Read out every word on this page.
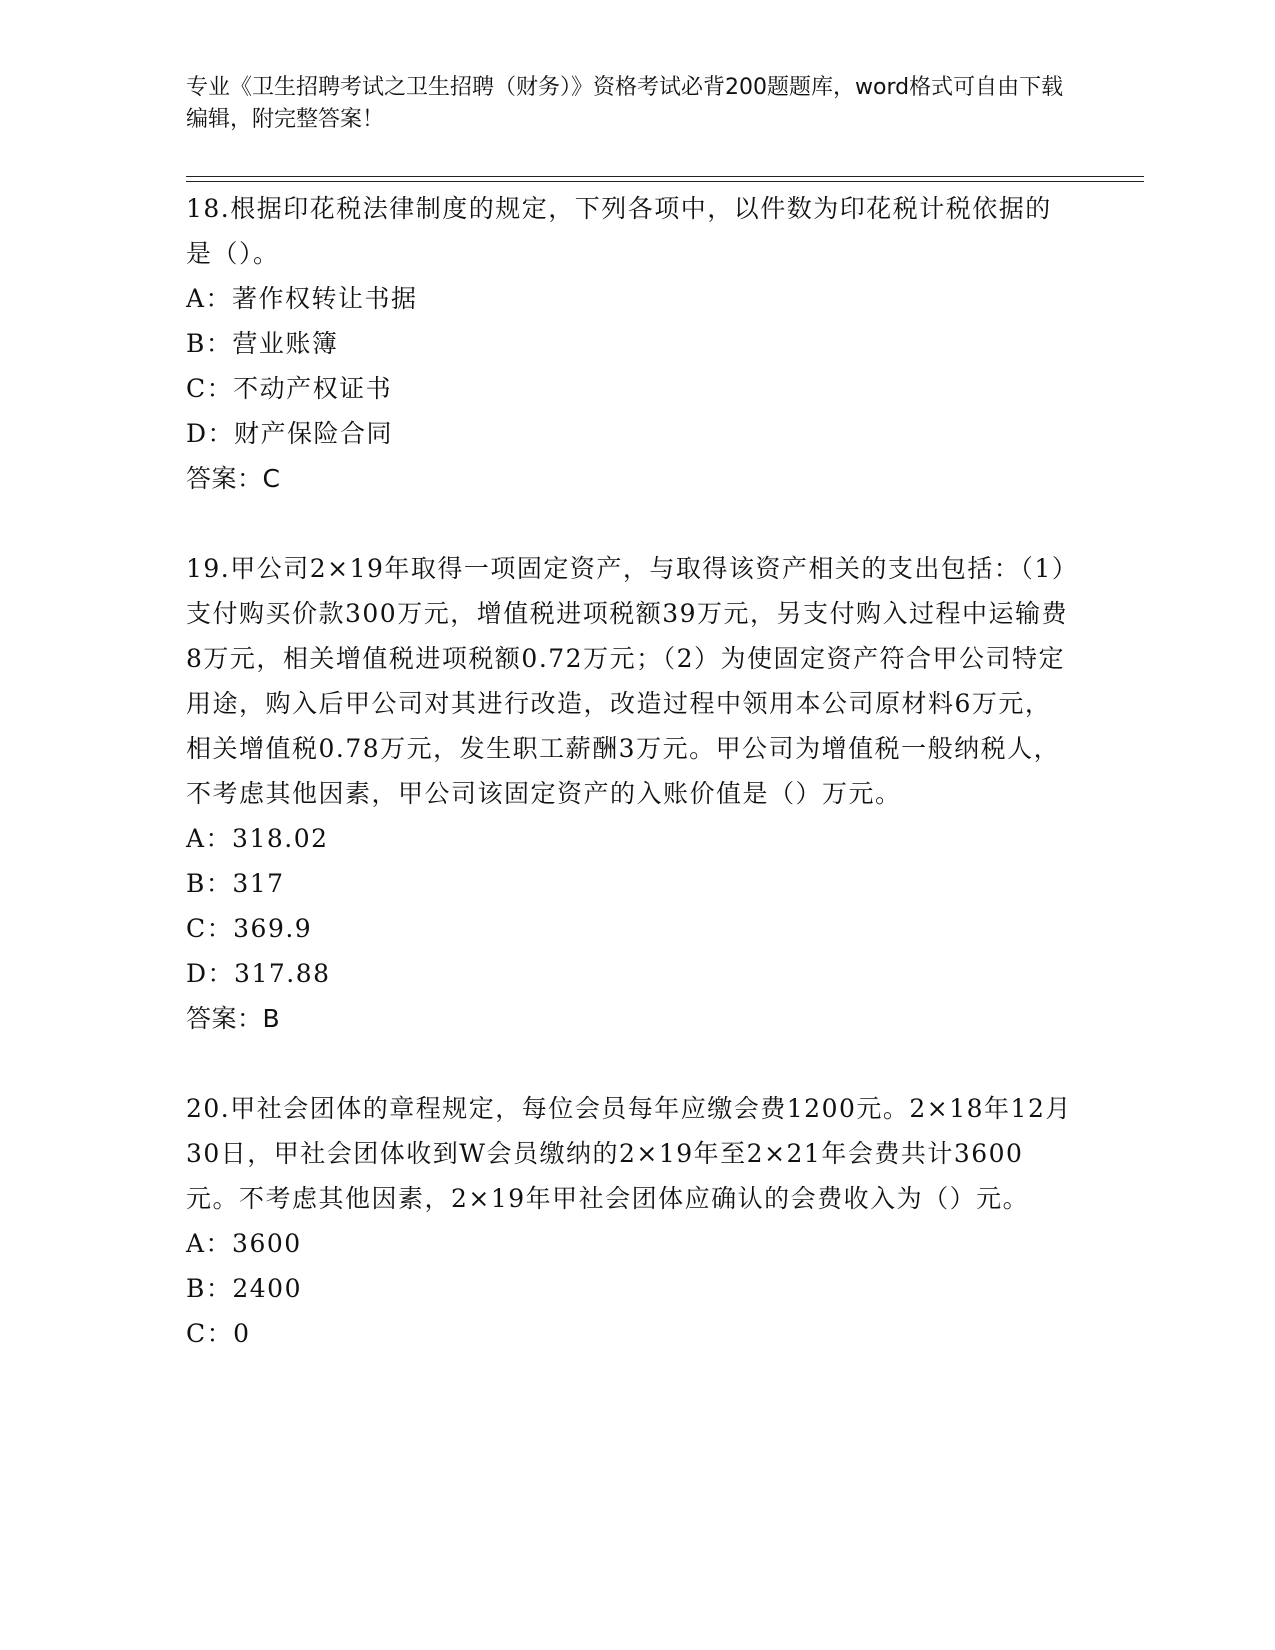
专业《卫生招聘考试之卫生招聘（财务）》资格考试必背200题题库，word格式可自由下载编辑，附完整答案！

18.根据印花税法律制度的规定，下列各项中，以件数为印花税计税依据的是（）。

A：著作权转让书据

B：营业账簿

C：不动产权证书

D：财产保险合同

答案：C

19.甲公司2×19年取得一项固定资产，与取得该资产相关的支出包括：（1）支付购买价款300万元，增值税进项税额39万元，另支付购入过程中运输费8万元，相关增值税进项税额0.72万元；（2）为使固定资产符合甲公司特定用途，购入后甲公司对其进行改造，改造过程中领用本公司原材料6万元，相关增值税0.78万元，发生职工薪酬3万元。甲公司为增值税一般纳税人，不考虑其他因素，甲公司该固定资产的入账价值是（）万元。

A：318.02

B：317

C：369.9

D：317.88

答案：B

20.甲社会团体的章程规定，每位会员每年应缴会费1200元。2×18年12月30日，甲社会团体收到W会员缴纳的2×19年至2×21年会费共计3600元。不考虑其他因素，2×19年甲社会团体应确认的会费收入为（）元。

A：3600

B：2400

C：0
